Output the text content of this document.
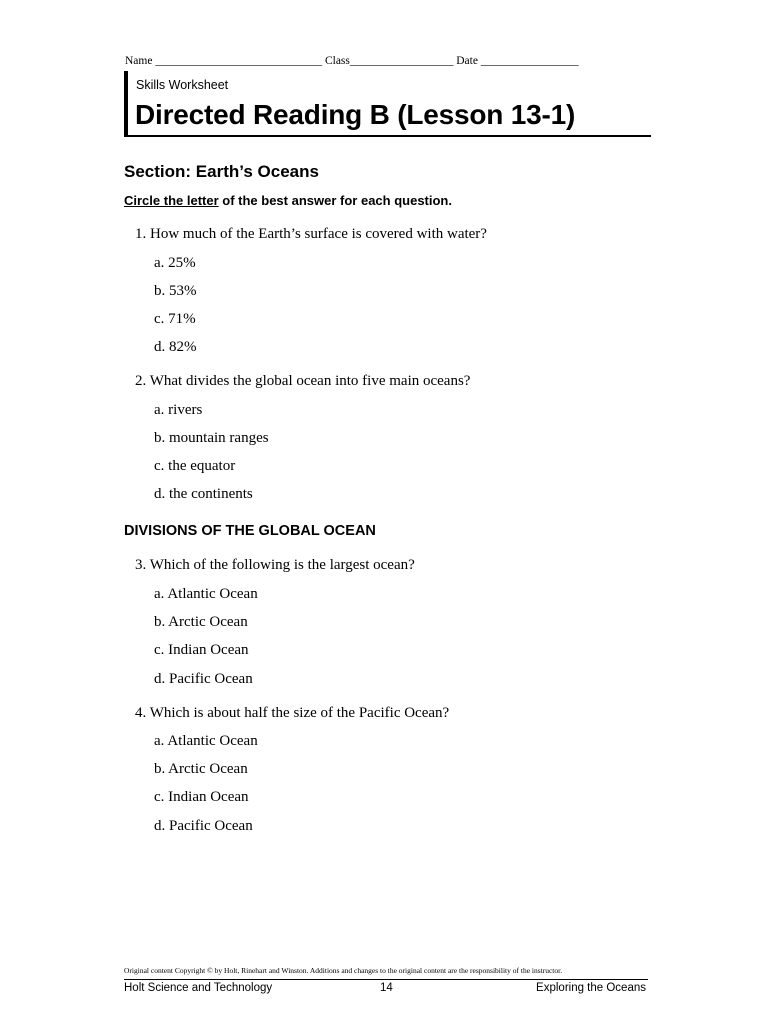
Name _____________________________ Class__________________ Date _________________
Skills Worksheet
Directed Reading B (Lesson 13-1)
Section: Earth’s Oceans
Circle the letter of the best answer for each question.
1. How much of the Earth’s surface is covered with water?
a. 25%
b. 53%
c. 71%
d. 82%
2. What divides the global ocean into five main oceans?
a. rivers
b. mountain ranges
c. the equator
d. the continents
DIVISIONS OF THE GLOBAL OCEAN
3. Which of the following is the largest ocean?
a. Atlantic Ocean
b. Arctic Ocean
c. Indian Ocean
d. Pacific Ocean
4. Which is about half the size of the Pacific Ocean?
a. Atlantic Ocean
b. Arctic Ocean
c. Indian Ocean
d. Pacific Ocean
Original content Copyright © by Holt, Rinehart and Winston. Additions and changes to the original content are the responsibility of the instructor.
Holt Science and Technology	14	Exploring the Oceans
